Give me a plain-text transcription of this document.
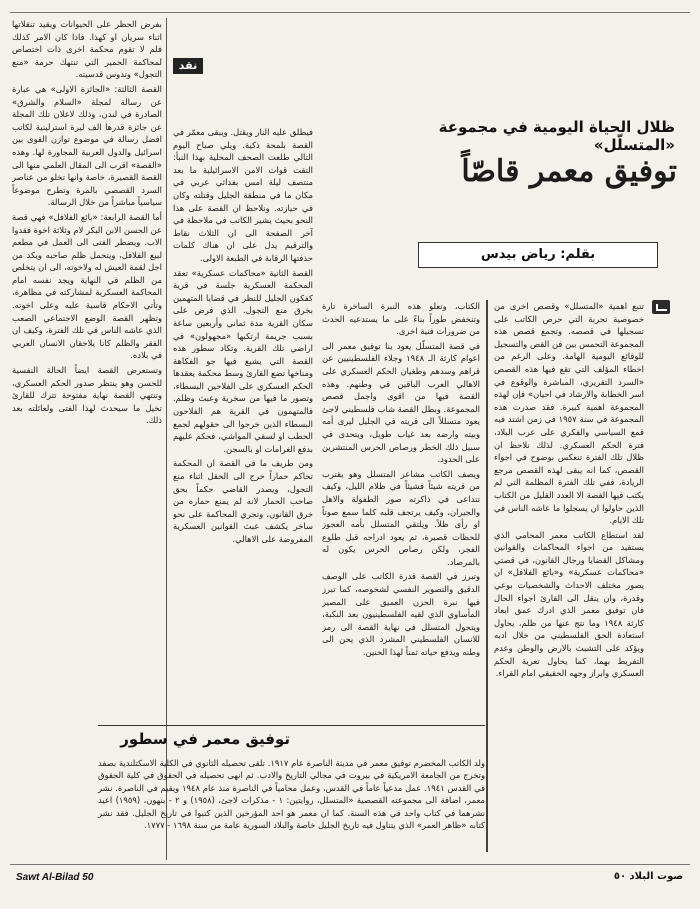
بفرض الحظر على الحيوانات ويقيد تنقلاتها اثناء سريان او كهذا. فاذا كان الامر كذلك فلم لا تقوم محكمة اخرى ذات اختصاص لمحاكمة الحمير التي تنتهك حرمة «منع التجول» وتدوس قدسيته.

القصة الثالثة: «الجائزة الاولى» هي عبارة عن رسالة لمجلة «السلام والشرق» الصادرة في لندن، وذلك لاعلان تلك المجلة عن جائزة قدرها الف ليرة استرلينية لكاتب افضل رسالة في موضوع توازن القوى بين اسرائيل والدول العربية المجاورة لها. وهذه «القصة» اقرب الى المقال العلمي منها الى القصة القصيرة، خاصة وانها تخلو من عناصر السرد القصصي بالمرة وتطرح موضوعاً سياسياً مباشراً من خلال الرسالة.

أما القصة الرابعة: «بائع الفلافل» فهي قصة عن الحسن الابن البكر لام وثلاثة اخوة فقدوا الاب. ويضطر الفتى الى العمل في مطعم لبيع الفلافل، ويتحمل ظلم صاحبه ويكد من اجل لقمة العيش له ولاخوته، الى ان يتخلص من الظلم في النهاية ويجد نفسه امام المحاكمة العسكرية لمشاركته في مظاهرة، وتأتي الاحكام قاسية عليه وعلى اخوته. وتظهر القصة الوضع الاجتماعي الصعب الذي عاشه الناس في تلك الفترة، وكيف ان الفقر والظلم كانا يلاحقان الانسان العربي في بلاده.

وتستعرض القصة ايضاً الحالة النفسية للحسن وهو ينتظر صدور الحكم العسكري، وتنتهي القصة نهاية مفتوحة تترك للقارئ تخيل ما سيحدث لهذا الفتى ولعائلته بعد ذلك.

نقد

فيطلق عليه النار ويقتل. ويبقى معمّر في القصة بلمحة ذكية. ويلي صباح اليوم التالي طلعت الصحف المحلية بهذا النبأ: التقت قوات الامن الاسرائيلية ما بعد منتصف ليلة امس بفدائي عربي في مكان ما في منطقة الجليل وقتلته وكان في حيازته. ونلاحظ ان القصة على هذا النحو بحيث يشير الكاتب في ملاحظة في آخر الصفحة الى ان الثلاث نقاط والترقيم يدل على ان هناك كلمات حذفتها الرقابة في الطبعة الاولى.

القصة الثانية «محاكمات عسكرية» تعقد المحكمة العسكرية جلسة في قرية كفكون الجليل للنظر في قضايا المتهمين بخرق منع التجول. الذي فرض على سكان القرية مدة ثماني وأربعين ساعة بسبب جريمة ارتكبها «مجهولون» في اراضي تلك القرية. وتكاد سطور هذه القصة التي يشيع فيها جو الفكاهة ومناخها تضع القارئ وسط محكمة يعقدها الحكم العسكري على الفلاحين البسطاء، وتصور ما فيها من سخرية وعبث وظلم. فالمتهمون في القرية هم الفلاحون البسطاء الذين خرجوا الى حقولهم لجمع الحطب او لسقي المواشي، فحكم عليهم بدفع الغرامات او بالسجن.

ومن طريف ما في القصة ان المحكمة تحاكم حماراً خرج الى الحقل اثناء منع التجول، ويصدر القاضي حكماً بحق صاحب الحمار لانه لم يمنع حماره من خرق القانون، وتجري المحاكمة على نحو ساخر يكشف عبث القوانين العسكرية المفروضة على الاهالي.

ظلال الحياة اليومية في مجموعة «المتسلّل»
توفيق معمر قاصّاً
بقلم: رياض بيدس

الكتاب، وتعلو هذه النبرة الساخرة تارة وتنخفض طوراً بناءً على ما يستدعيه الحدث من ضرورات فنية اخرى.

في قصة المتسلّل يعود بنا توفيق معمر الى اعوام كارثة الـ ١٩٤٨ وجلاء الفلسطينيين عن قراهم وسدهم وطغيان الحكم العسكري على الاهالي العرب الباقين في وطنهم. وهذه القصة فيها من اقوى واجمل قصص المجموعة. وبطل القصة شاب فلسطيني لاجئ يعود متسللاً الى قريته في الجليل ليرى أمه وبيته وارضه بعد غياب طويل، ويتحدى في سبيل ذلك الخطر ورصاص الحرس المنتشرين على الحدود.

ويصف الكاتب مشاعر المتسلل وهو يقترب من قريته شيئاً فشيئاً في ظلام الليل، وكيف تتداعى في ذاكرته صور الطفولة والاهل والجيران، وكيف يرتجف قلبه كلما سمع صوتاً او رأى ظلاً. ويلتقي المتسلل بأمه العجوز للحظات قصيرة، ثم يعود ادراجه قبل طلوع الفجر، ولكن رصاص الحرس يكون له بالمرصاد.

وتبرز في القصة قدرة الكاتب على الوصف الدقيق والتصوير النفسي لشخوصه، كما تبرز فيها نبرة الحزن العميق على المصير المأساوي الذي لقيه الفلسطينيون بعد النكبة، ويتحول المتسلل في نهاية القصة الى رمز للانسان الفلسطيني المشرد الذي يحن الى وطنه ويدفع حياته ثمناً لهذا الحنين.

تتبع اهمية «المتسلل» وقصص اخرى من خصوصية تجربة التي حرص الكاتب على تسجيلها في قصصه. وتجمع قصص هذه المجموعة التحمس بين فن القص والتسجيل للوقائع اليومية الهامة. وعلى الرغم من اخطاء المؤلف التي تقع فيها هذه القصص «السرد التقريري، المباشرة والوقوع في اسر الخطابة والارشاد في احيان» فإن لهذه المجموعة اهمية كبيرة. فقد صدرت هذه المجموعة في سنة ١٩٥٧ في زمن اشتد فيه قمع السياسي والفكري على عرب البلاد، فترة الحكم العسكري. لذلك نلاحظ ان ظلال تلك الفترة تنعكس بوضوح في اجواء القصص، كما انه يبقى لهذه القصص مرجع الريادة، ففي تلك الفترة المظلمة التي لم يكتب فيها القصة الا العدد القليل من الكتاب الذين حاولوا ان يسجلوا ما عاشه الناس في تلك الايام.

لقد استطاع الكاتب معمر المحامي الذي يستقيد من اجواء المحاكمات والقوانين ومشاكل القضايا ورجال القانون، في قصتي «محاكمات عسكرية» و«بائع الفلافل» ان يصور مختلف الاحداث والشخصيات بوعي وقدرة، وان ينقل الى القارئ اجواء الحال فان توفيق معمر الذي ادرك عمق ابعاد كارثة ١٩٤٨ وما نتج عنها من ظلم، يحاول استعادة الحق الفلسطيني من خلال ادبه ويؤكد على التشبث بالارض والوطن وعدم التفريط بهما، كما يحاول تعرية الحكم العسكري وابراز وجهه الحقيقي امام القراء.

توفيق معمر في سطور
ولد الكاتب المخضرم توفيق معمر في مدينة الناصرة عام ١٩١٧. تلقى تحصيله الثانوي في الكلية الاسكتلندية بصفد وتخرج من الجامعة الامريكية في بيروت في مجالي التاريخ والادب. ثم انهى تحصيله في الحقوق في كلية الحقوق في القدس ١٩٤١. عمل مدعياً عاماً في القدس، وعمل محامياً في الناصرة منذ عام ١٩٤٨ ويقيم في الناصرة. نشر معمر، اضافة الى مجموعته القصصية «المتسلل، روايتين: ١ - مذكرات لاجئ، (١٩٥٨) و ٢ - بنهون، (١٩٥٩) اعيد نشرهما في كتاب واحد في هذه السنة. كما ان معمر هو احد المؤرخين الذين كتبوا في تاريخ الجليل. فقد نشر كتابه «ظاهر العمر» الذي يتناول فيه تاريخ الجليل خاصة والبلاد السورية عامة من سنة ١٦٩٨ - ١٧٧٧.
Sawt Al-Bilad 50	صوت البلاد ٥٠
